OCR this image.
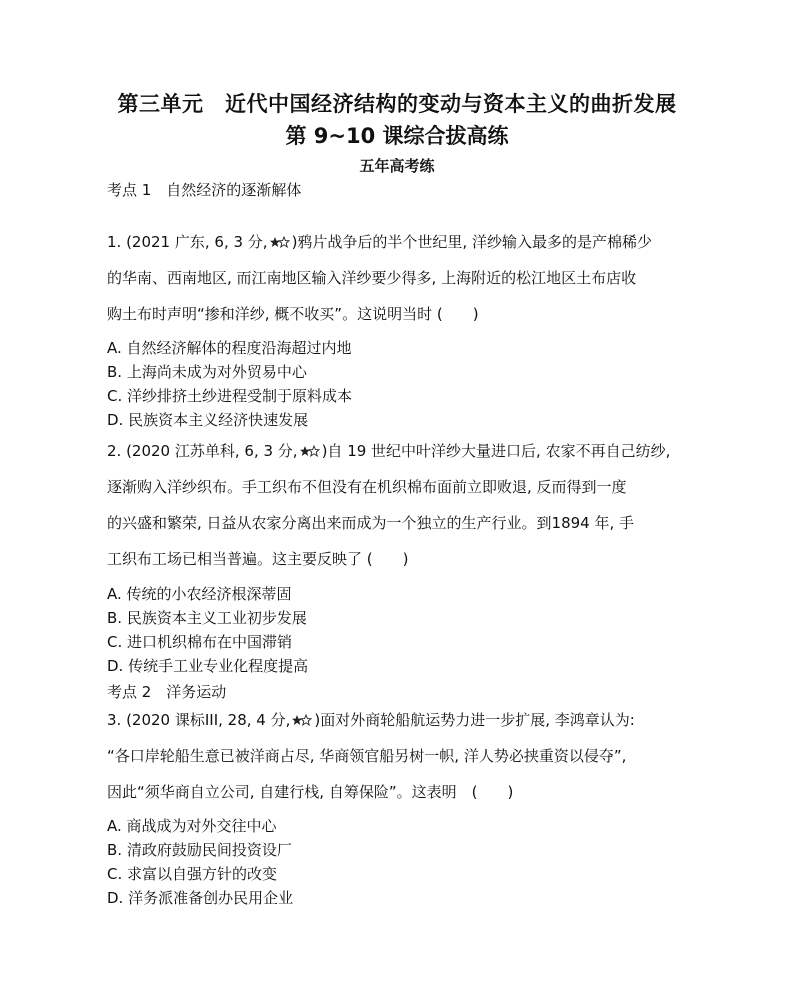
第三单元　近代中国经济结构的变动与资本主义的曲折发展
第 9~10 课综合拔高练
五年高考练
考点 1　自然经济的逐渐解体
1. (2021 广东, 6, 3 分, )鸦片战争后的半个世纪里, 洋纱输入最多的是产棉稀少
的华南、西南地区, 而江南地区输入洋纱要少得多, 上海附近的松江地区土布店收
购土布时声明“掺和洋纱, 概不收买”。这说明当时 (　　)
A. 自然经济解体的程度沿海超过内地
B. 上海尚未成为对外贸易中心
C. 洋纱排挤土纱进程受制于原料成本
D. 民族资本主义经济快速发展
2. (2020 江苏单科, 6, 3 分, )自 19 世纪中叶洋纱大量进口后, 农家不再自己纺纱,
逐渐购入洋纱织布。手工织布不但没有在机织棉布面前立即败退, 反而得到一度
的兴盛和繁荣, 日益从农家分离出来而成为一个独立的生产行业。到1894 年, 手
工织布工场已相当普遍。这主要反映了 (　　)
A. 传统的小农经济根深蒂固
B. 民族资本主义工业初步发展
C. 进口机织棉布在中国滞销
D. 传统手工业专业化程度提高
考点 2　洋务运动
3. (2020 课标III, 28, 4 分, )面对外商轮船航运势力进一步扩展, 李鸿章认为:
“各口岸轮船生意已被洋商占尽, 华商领官船另树一帜, 洋人势必挟重资以侵夺”,
因此“须华商自立公司, 自建行栈, 自筹保险”。这表明　(　　)
A. 商战成为对外交往中心
B. 清政府鼓励民间投资设厂
C. 求富以自强方针的改变
D. 洋务派准备创办民用企业
